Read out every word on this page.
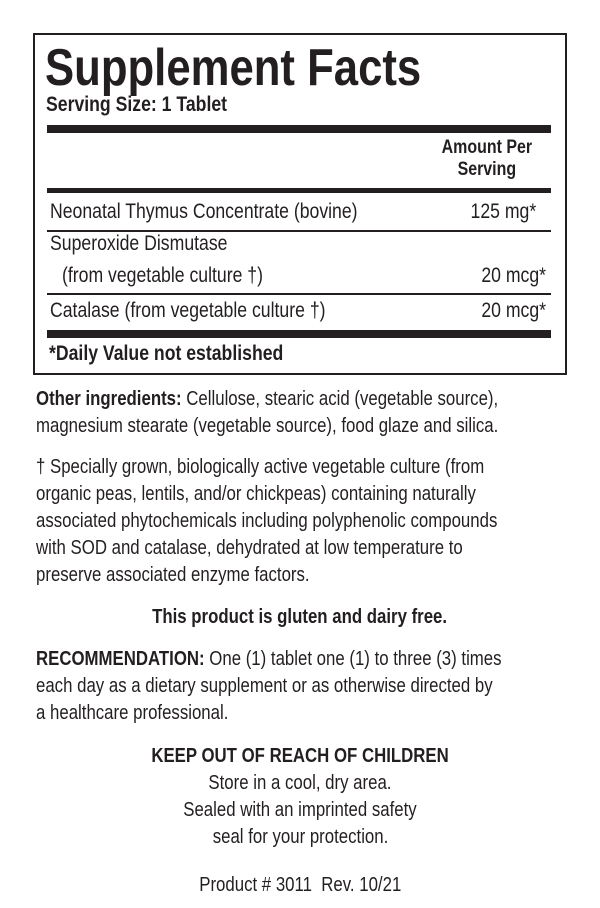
Supplement Facts
Serving Size: 1 Tablet
Amount Per
Serving
Neonatal Thymus Concentrate (bovine)	125 mg*
Superoxide Dismutase
(from vegetable culture †)	20 mcg*
Catalase (from vegetable culture †)	20 mcg*
*Daily Value not established
Other ingredients: Cellulose, stearic acid (vegetable source),
magnesium stearate (vegetable source), food glaze and silica.
† Specially grown, biologically active vegetable culture (from
organic peas, lentils, and/or chickpeas) containing naturally
associated phytochemicals including polyphenolic compounds
with SOD and catalase, dehydrated at low temperature to
preserve associated enzyme factors.
This product is gluten and dairy free.
RECOMMENDATION: One (1) tablet one (1) to three (3) times
each day as a dietary supplement or as otherwise directed by
a healthcare professional.
KEEP OUT OF REACH OF CHILDREN
Store in a cool, dry area.
Sealed with an imprinted safety
seal for your protection.
Product # 3011  Rev. 10/21
